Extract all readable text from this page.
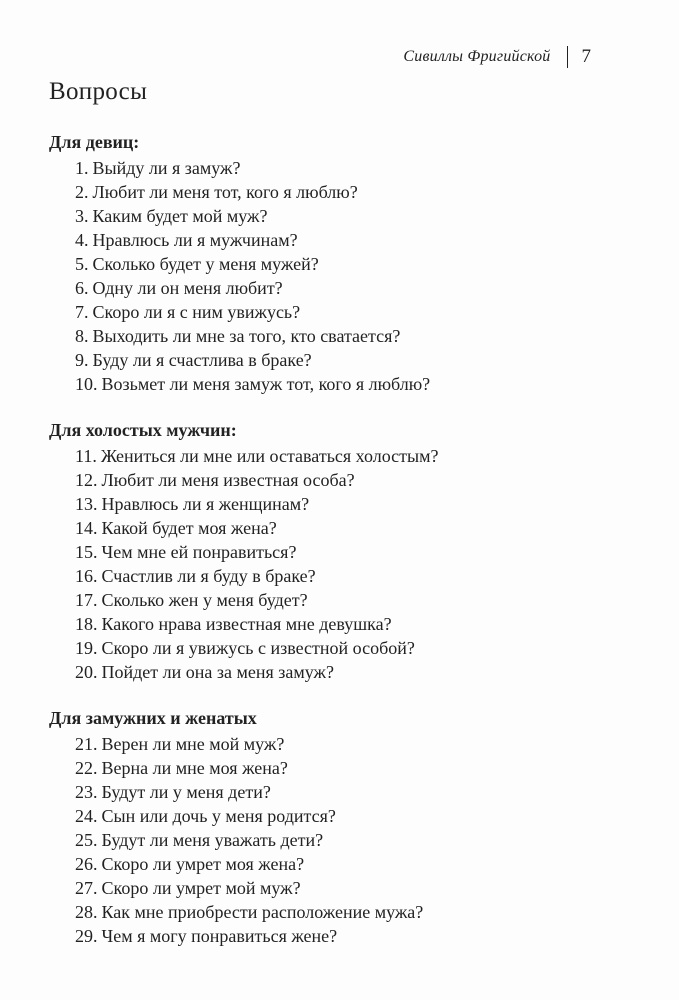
Сивиллы Фригийской 7
Вопросы
Для девиц:
1. Выйду ли я замуж?
2. Любит ли меня тот, кого я люблю?
3. Каким будет мой муж?
4. Нравлюсь ли я мужчинам?
5. Сколько будет у меня мужей?
6. Одну ли он меня любит?
7. Скоро ли я с ним увижусь?
8. Выходить ли мне за того, кто сватается?
9. Буду ли я счастлива в браке?
10. Возьмет ли меня замуж тот, кого я люблю?
Для холостых мужчин:
11. Жениться ли мне или оставаться холостым?
12. Любит ли меня известная особа?
13. Нравлюсь ли я женщинам?
14. Какой будет моя жена?
15. Чем мне ей понравиться?
16. Счастлив ли я буду в браке?
17. Сколько жен у меня будет?
18. Какого нрава известная мне девушка?
19. Скоро ли я увижусь с известной особой?
20. Пойдет ли она за меня замуж?
Для замужних и женатых
21. Верен ли мне мой муж?
22. Верна ли мне моя жена?
23. Будут ли у меня дети?
24. Сын или дочь у меня родится?
25. Будут ли меня уважать дети?
26. Скоро ли умрет моя жена?
27. Скоро ли умрет мой муж?
28. Как мне приобрести расположение мужа?
29. Чем я могу понравиться жене?
